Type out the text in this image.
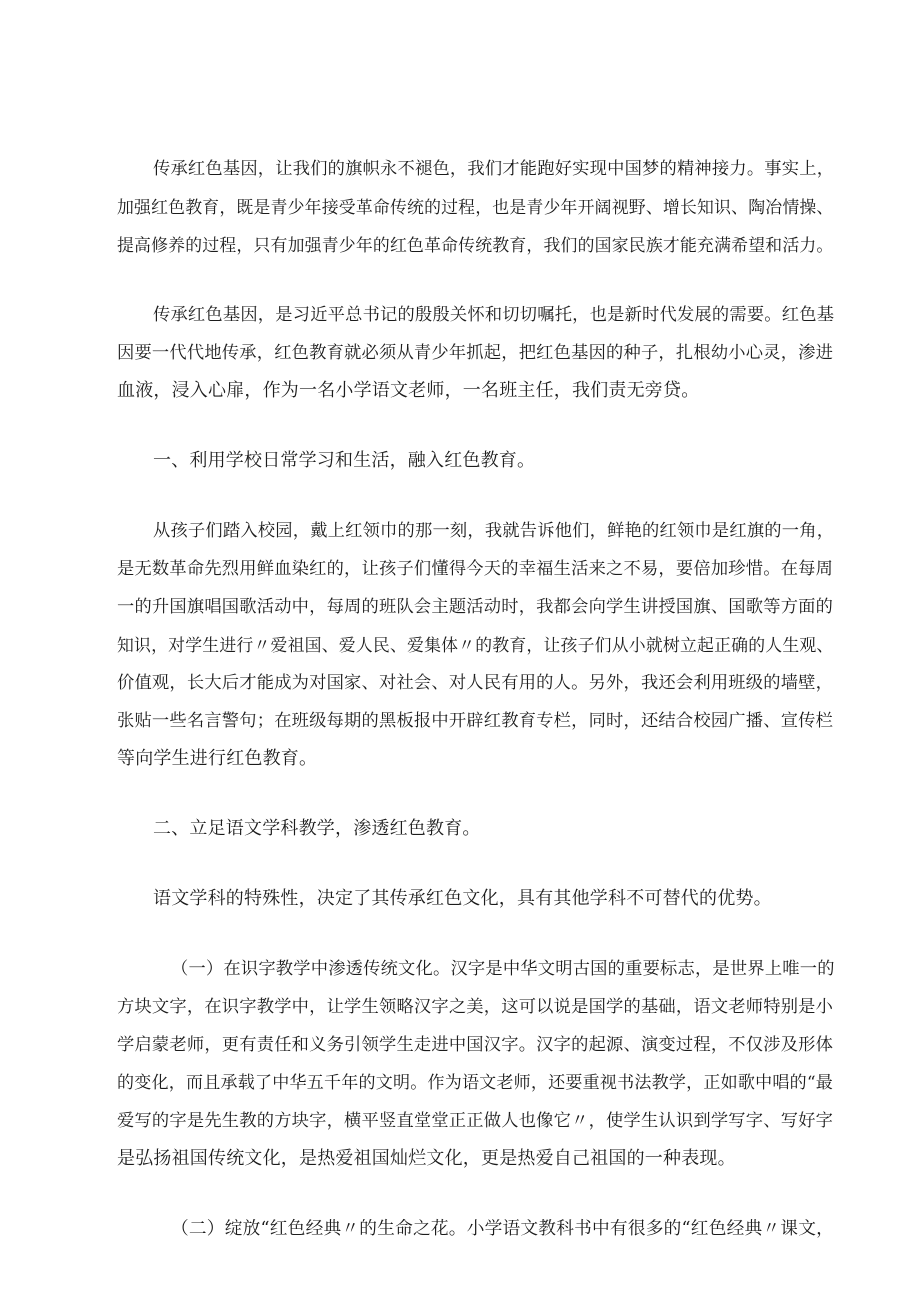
传承红色基因，让我们的旗帜永不褪色，我们才能跑好实现中国梦的精神接力。事实上，
加强红色教育，既是青少年接受革命传统的过程，也是青少年开阔视野、增长知识、陶冶情操、
提高修养的过程，只有加强青少年的红色革命传统教育，我们的国家民族才能充满希望和活力。
传承红色基因，是习近平总书记的殷殷关怀和切切嘱托，也是新时代发展的需要。红色基
因要一代代地传承，红色教育就必须从青少年抓起，把红色基因的种子，扎根幼小心灵，渗进
血液，浸入心扉，作为一名小学语文老师，一名班主任，我们责无旁贷。
一、利用学校日常学习和生活，融入红色教育。
从孩子们踏入校园，戴上红领巾的那一刻，我就告诉他们，鲜艳的红领巾是红旗的一角，
是无数革命先烈用鲜血染红的，让孩子们懂得今天的幸福生活来之不易，要倍加珍惜。在每周
一的升国旗唱国歌活动中，每周的班队会主题活动时，我都会向学生讲授国旗、国歌等方面的
知识，对学生进行〃爱祖国、爱人民、爱集体〃的教育，让孩子们从小就树立起正确的人生观、
价值观，长大后才能成为对国家、对社会、对人民有用的人。另外，我还会利用班级的墙壁，
张贴一些名言警句；在班级每期的黑板报中开辟红教育专栏，同时，还结合校园广播、宣传栏
等向学生进行红色教育。
二、立足语文学科教学，渗透红色教育。
语文学科的特殊性，决定了其传承红色文化，具有其他学科不可替代的优势。
（一）在识字教学中渗透传统文化。汉字是中华文明古国的重要标志，是世界上唯一的
方块文字，在识字教学中，让学生领略汉字之美，这可以说是国学的基础，语文老师特别是小
学启蒙老师，更有责任和义务引领学生走进中国汉字。汉字的起源、演变过程，不仅涉及形体
的变化，而且承载了中华五千年的文明。作为语文老师，还要重视书法教学，正如歌中唱的“最
爱写的字是先生教的方块字，横平竖直堂堂正正做人也像它〃，使学生认识到学写字、写好字
是弘扬祖国传统文化，是热爱祖国灿烂文化，更是热爱自己祖国的一种表现。
（二）绽放“红色经典〃的生命之花。小学语文教科书中有很多的“红色经典〃课文，
